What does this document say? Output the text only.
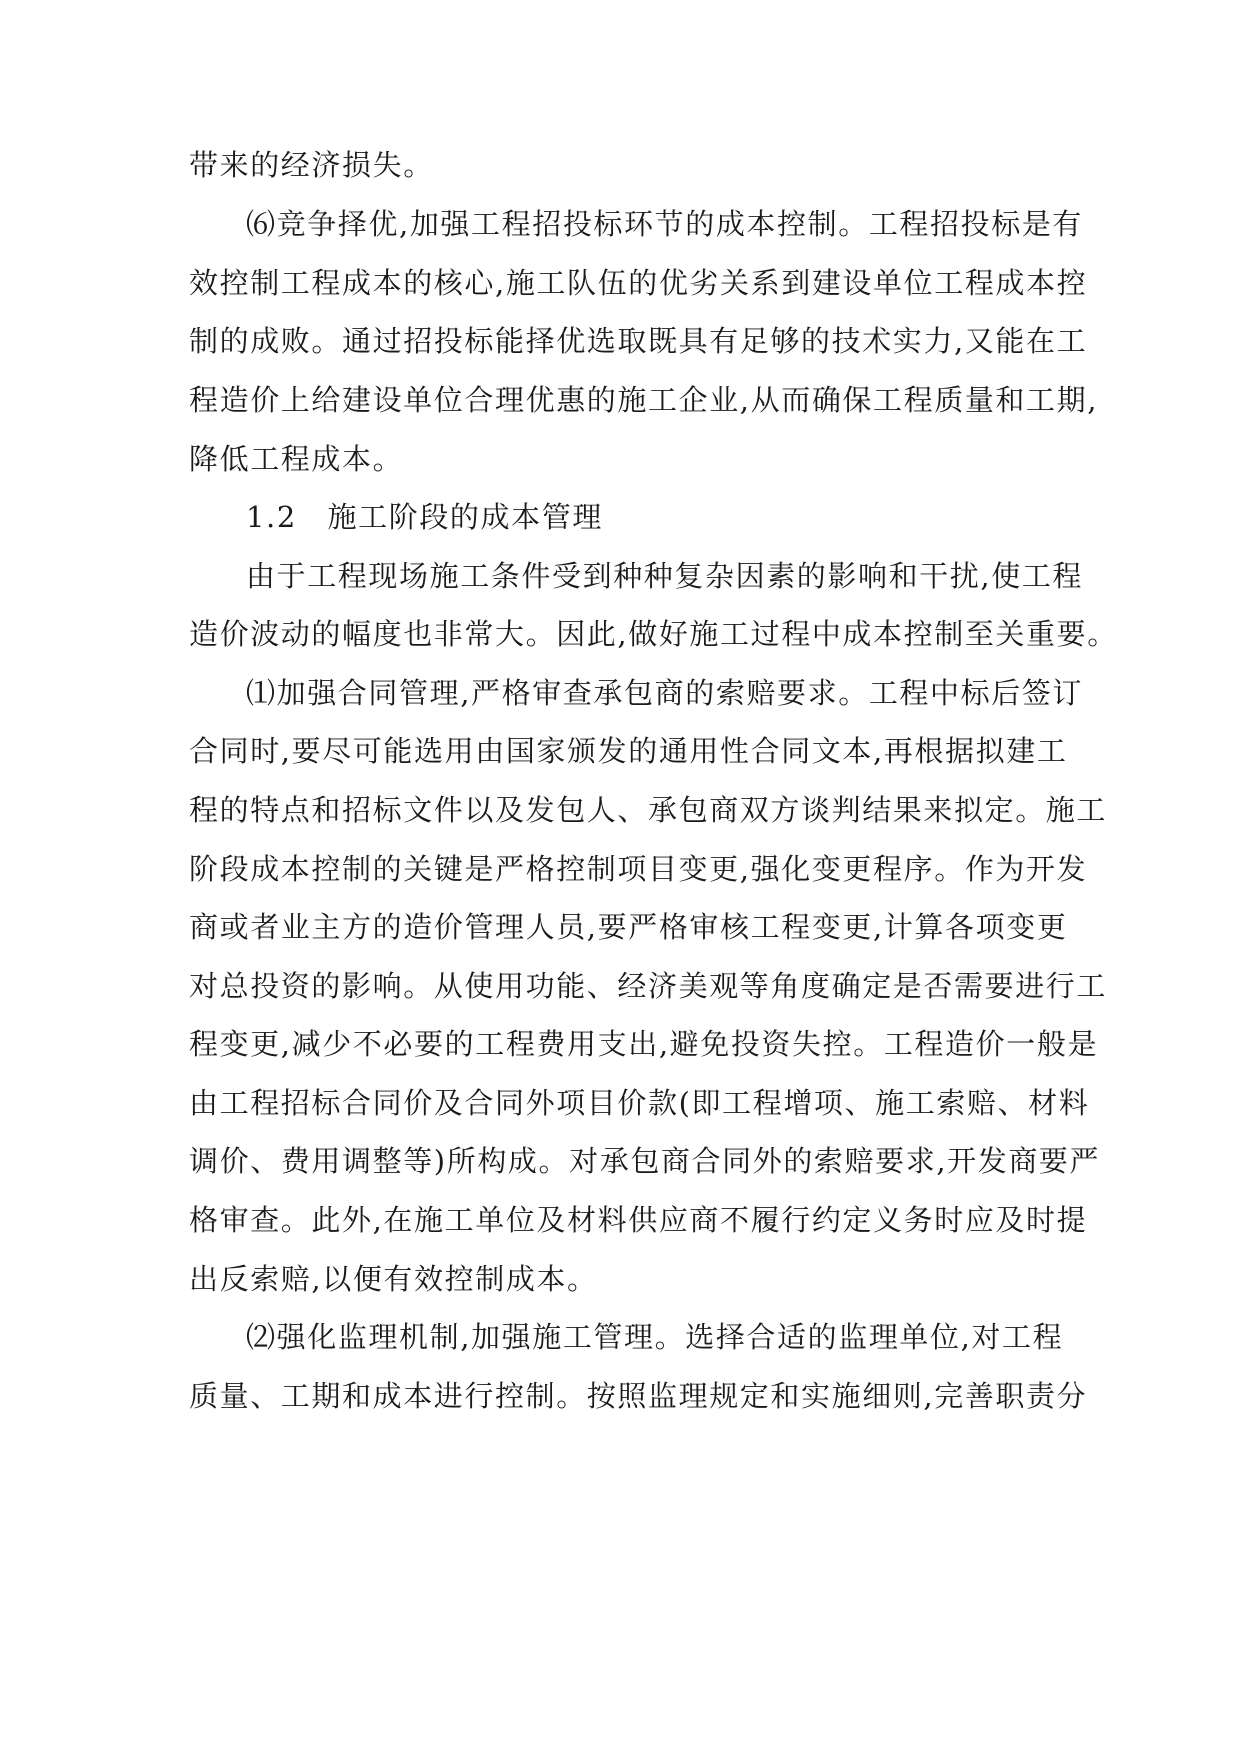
带来的经济损失。
⑹竞争择优,加强工程招投标环节的成本控制。工程招投标是有
效控制工程成本的核心,施工队伍的优劣关系到建设单位工程成本控
制的成败。通过招投标能择优选取既具有足够的技术实力,又能在工
程造价上给建设单位合理优惠的施工企业,从而确保工程质量和工期,
降低工程成本。
1.2　施工阶段的成本管理
由于工程现场施工条件受到种种复杂因素的影响和干扰,使工程
造价波动的幅度也非常大。因此,做好施工过程中成本控制至关重要。
⑴加强合同管理,严格审查承包商的索赔要求。工程中标后签订
合同时,要尽可能选用由国家颁发的通用性合同文本,再根据拟建工
程的特点和招标文件以及发包人、承包商双方谈判结果来拟定。施工
阶段成本控制的关键是严格控制项目变更,强化变更程序。作为开发
商或者业主方的造价管理人员,要严格审核工程变更,计算各项变更
对总投资的影响。从使用功能、经济美观等角度确定是否需要进行工
程变更,减少不必要的工程费用支出,避免投资失控。工程造价一般是
由工程招标合同价及合同外项目价款(即工程增项、施工索赔、材料
调价、费用调整等)所构成。对承包商合同外的索赔要求,开发商要严
格审查。此外,在施工单位及材料供应商不履行约定义务时应及时提
出反索赔,以便有效控制成本。
⑵强化监理机制,加强施工管理。选择合适的监理单位,对工程
质量、工期和成本进行控制。按照监理规定和实施细则,完善职责分
